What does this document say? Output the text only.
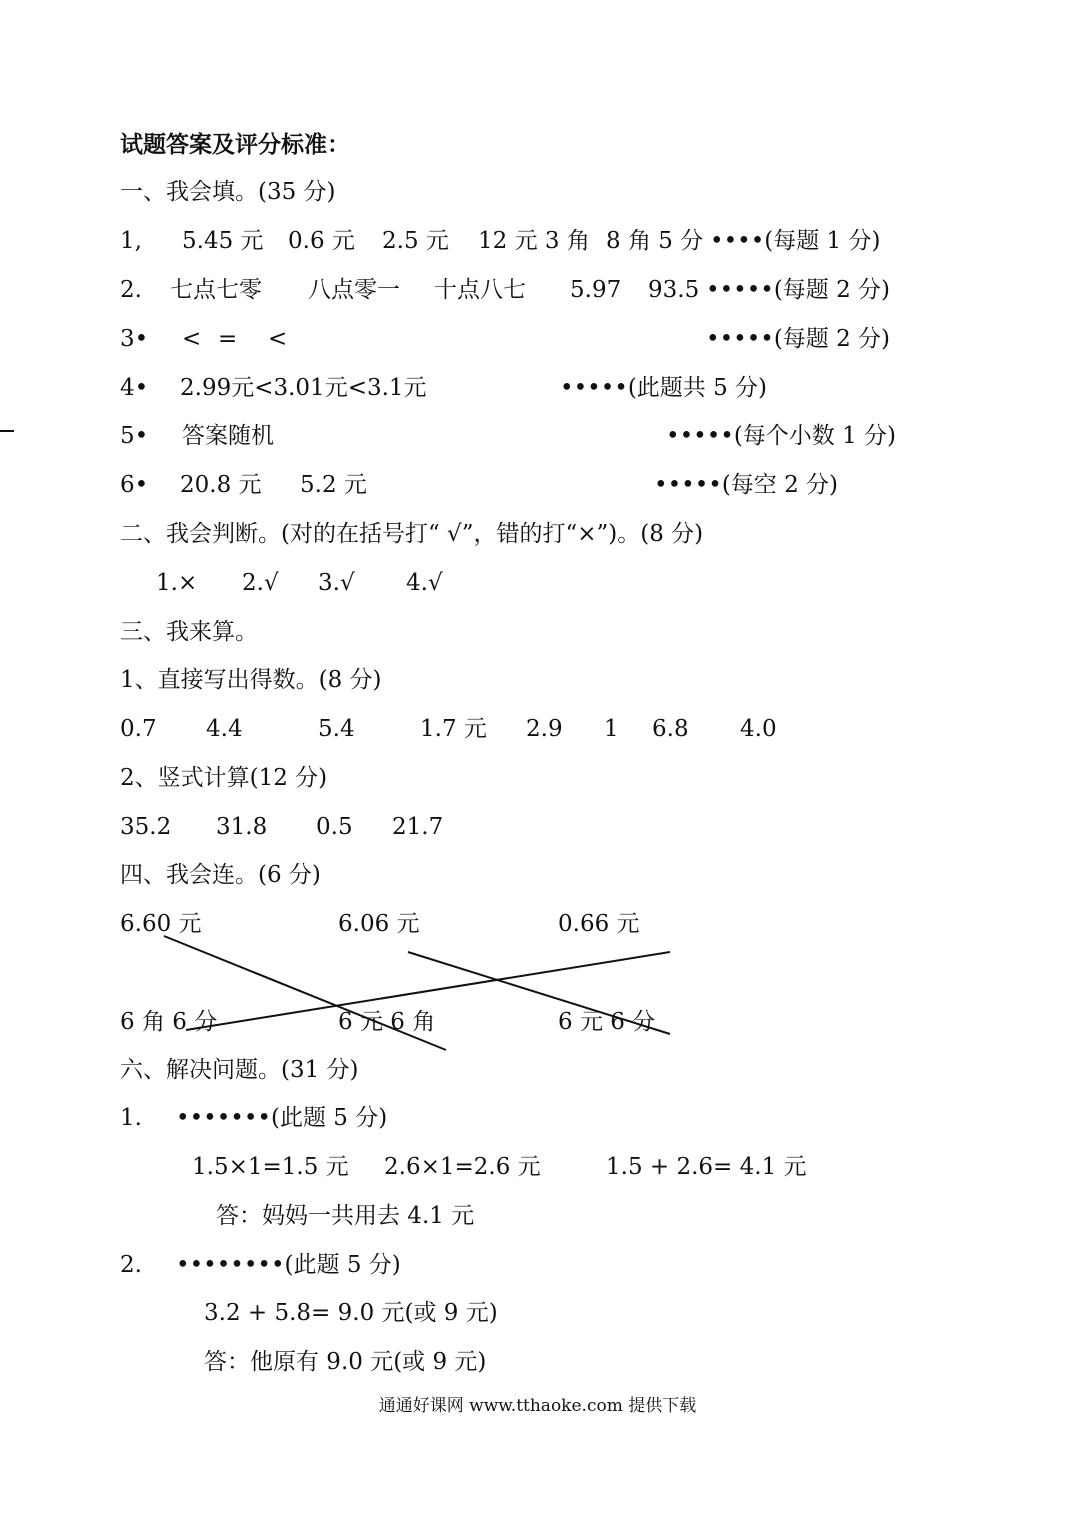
试题答案及评分标准：
一、我会填。(35 分)
1, 5.45 元 0.6 元 2.5 元 12 元 3 角 8 角 5 分 ••••(每题 1 分)
2. 七点七零 八点零一 十点八七 5.97 93.5 •••••(每题 2 分)
3• < = <	•••••(每题 2 分)
4• 2.99元<3.01元<3.1元	•••••(此题共 5 分)
5• 答案随机	•••••(每个小数 1 分)
6• 20.8 元 5.2 元	•••••(每空 2 分)
二、我会判断。(对的在括号打“ √”，错的打“×”)。(8 分)
1.× 2.√ 3.√ 4.√
三、我来算。
1、直接写出得数。(8 分)
0.7 4.4	5.4	1.7 元 2.9 1 6.8 4.0
2、竖式计算(12 分)
35.2 31.8 0.5 21.7
四、我会连。(6 分)
6.60 元	6.06 元	0.66 元
6 角 6 分	6 元 6 角	6 元 6 分
六、解决问题。(31 分)
1. •••••••(此题 5 分)
1.5×1=1.5 元 2.6×1=2.6 元	1.5 + 2.6= 4.1 元
答：妈妈一共用去 4.1 元
2. ••••••••(此题 5 分)
3.2 + 5.8= 9.0 元(或 9 元)
答：他原有 9.0 元(或 9 元)
通通好课网 www.tthaoke.com 提供下载
